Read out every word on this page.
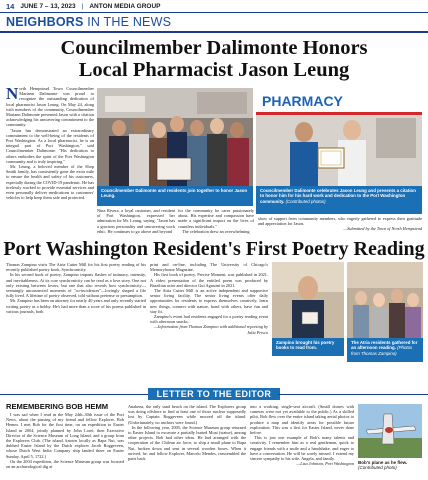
14 JUNE 7 – 13, 2023 | ANTON MEDIA GROUP
NEIGHBORS IN THE NEWS
Councilmember Dalimonte Honors
Local Pharmacist Jason Leung
N orth Hempstead Town Councilmember Mariann Dalimonte was proud to recognize the outstanding dedication of local pharmacist Jason Leung. On May 24, along with members of the community, Councilmember Mariann Dalimonte presented Jason with a citation acknowledging his unwavering commitment to the community.

"Jason has demonstrated an extraordinary commitment to the well-being of the residents of Port Washington. As a local pharmacist, he is an integral part of Port Washington," said Councilmember Dalimonte. "His dedication to others embodies the spirit of the Port Washington community and is truly inspiring."

Mr. Leung, a beloved member of the Shop Smith family, has consistently gone the extra mile to ensure the health and safety of his customers, especially during the COVID-19 pandemic. He has tirelessly worked to provide essential services and even personally deliver medications to customers' vehicles to help keep them safe and protected.

Councilmember Dalimonte and residents join together to honor Jason Leung.
PHARMACY
Councilmember Dalimonte celebrates Jason Leung and presents a citation to honor him for his hard work and dedication to the Port Washington community. (Contributed photos)

Nina Rivera, a loyal customer, and resident of Port Washington, expressed her admiration for Mr. Leung, saying, "Jason has a gracious personality and unwavering work ethic. He continues to go above and beyond

for the community he cares passionately about. His expertise and compassion have made a significant impact on the lives of countless individuals."

The celebration drew an overwhelming

show of support from community members, who eagerly gathered to express their gratitude and appreciation for Jason.

—Submitted by the Town of North Hempstead
Port Washington Resident's First Poetry Reading

Thomas Zampino visits The Atria Cutter Mill for his first poetry reading of his recently published poetry book, Synchronicity.

In his second book of poetry, Zampino imparts flashes of intimacy, intensity, and inevitableness. At its core synchronicity can be read as a love story. One not only existing between lovers, but one that also reveals how synchronicity—seemingly unconnected moments of "co-incidences"—lovingly shaped a life fully lived. A lifetime of poetry observed, told without pretense or presumption.

Mr. Zampino has been an attorney for nearly 40 years and only recently started writing poetry as a hobby. He's had more than a score of his poems published in various journals, both

print and on-line, including The University of Chicago's Memoryhouse Magazine.

His first book of poetry, Precise Moment, was published in 2021. A video presentation of the entitled poem was produced by Brazilian actor and director Gui Agustini in 2021.

The Atria Cutter Mill is an active independent and supportive senior living facility. The senior living events offer daily opportunities for residents to express themselves creatively, learn new things, connect with nature, bond with others, have fun and stay fit.

Zampino's event had residents engaged for a poetry reading event with afternoon snacks.

—Information from Thomas Zampino with additional reporting by Julia Prisco
Zampino brought his poetry books to read from.
The Atria residents gathered for an afternoon reading. (Photos from Thomas Zampino)
LETTER TO THE EDITOR
REMEMBERING BOB HEMM

I was sad when I read in the May 24th–30th issue of the Port News, about the passing of my friend and fellow Explorer, Bob Hemm. I met Bob for the first time, on an expedition to Easter Island in 2004, jointly planned by John Loret, then Executive Director of the Science Museum of Long Island, and a group from the Explorers Club. (The island, known locally as Rapa Nui, was dubbed Easter Island by the Dutch explorer Jacob Roggeveen, whose Dutch West India Company ship landed there on Easter Sunday, April 5, 1722.)

On the 2004 expedition, the Science Museum group was focused on an archaeological dig at

Anakena, the only sand beach on the island. The Explorers group was doing offshore to find at least one of those nuclear supposedly lost by Captain Roggeveen while moored off the island. (Unfortunately, no anchors were found.)

In the following year, 2005, the Science Museum group returned to Easter Island to excavate a partially buried Moai (statue), among other projects. Bob had other ideas. He had arranged with the cooperation of the Chilean air force, to ship a small plane to Rapa Nui, broken down and sent in several wooden boxes. When it arrived, he, and fellow Explorer, Marcelo Mendes, reassembled the parts back

into a working, single-seat aircraft. (Small drones with cameras were not yet available to the public.) As a skilled pilot, Bob flew over the entire island taking aerial photos to produce a map and identify areas for possible future exploration. This was a first for Easter Island, never done before.

This is just one example of Bob's many talents and creativity. I remember him as a real gentleman, quick to engage friends with a smile and a handshake, and eager to have a conversation. He will be sorely missed. I extend my sincere sympathy to his wife, Angela, and family.

—Lisa Johnson, Port Washington Bob's plane as he flew. (Contributed photo)
